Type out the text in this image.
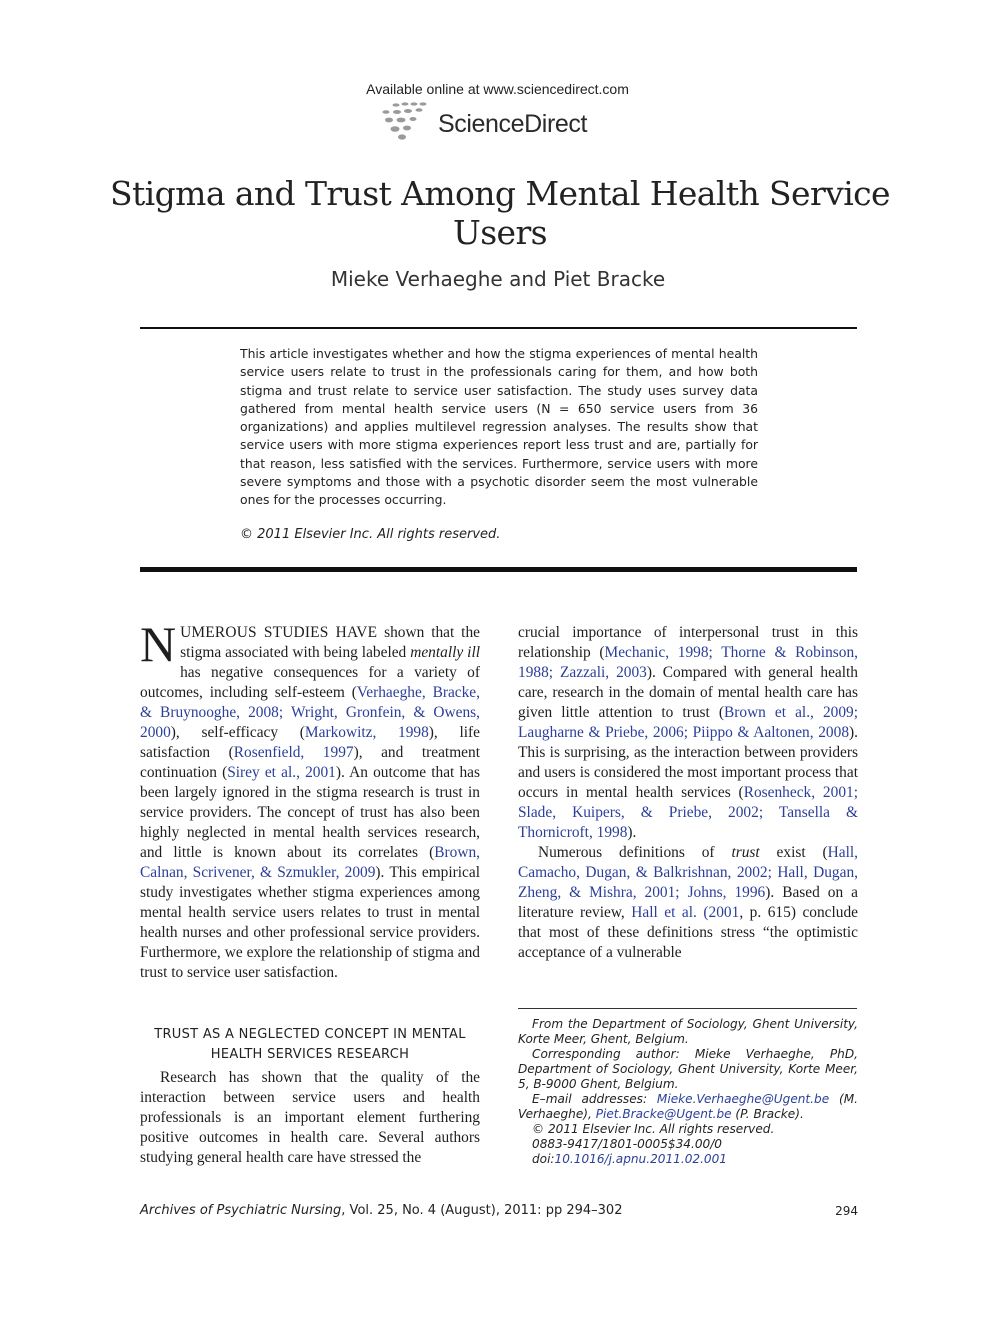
Available online at www.sciencedirect.com
ScienceDirect
Stigma and Trust Among Mental Health Service Users
Mieke Verhaeghe and Piet Bracke
This article investigates whether and how the stigma experiences of mental health service users relate to trust in the professionals caring for them, and how both stigma and trust relate to service user satisfaction. The study uses survey data gathered from mental health service users (N = 650 service users from 36 organizations) and applies multilevel regression analyses. The results show that service users with more stigma experiences report less trust and are, partially for that reason, less satisfied with the services. Furthermore, service users with more severe symptoms and those with a psychotic disorder seem the most vulnerable ones for the processes occurring.
© 2011 Elsevier Inc. All rights reserved.

NUMEROUS STUDIES HAVE shown that the stigma associated with being labeled mentally ill has negative consequences for a variety of outcomes, including self-esteem (Verhaeghe, Bracke, & Bruynooghe, 2008; Wright, Gronfein, & Owens, 2000), self-efficacy (Markowitz, 1998), life satisfaction (Rosenfield, 1997), and treatment continuation (Sirey et al., 2001). An outcome that has been largely ignored in the stigma research is trust in service providers. The concept of trust has also been highly neglected in mental health services research, and little is known about its correlates (Brown, Calnan, Scrivener, & Szmukler, 2009). This empirical study investigates whether stigma experiences among mental health service users relates to trust in mental health nurses and other professional service providers. Furthermore, we explore the relationship of stigma and trust to service user satisfaction.

TRUST AS A NEGLECTED CONCEPT IN MENTAL HEALTH SERVICES RESEARCH

Research has shown that the quality of the interaction between service users and health professionals is an important element furthering positive outcomes in health care. Several authors studying general health care have stressed the

crucial importance of interpersonal trust in this relationship (Mechanic, 1998; Thorne & Robinson, 1988; Zazzali, 2003). Compared with general health care, research in the domain of mental health care has given little attention to trust (Brown et al., 2009; Laugharne & Priebe, 2006; Piippo & Aaltonen, 2008). This is surprising, as the interaction between providers and users is considered the most important process that occurs in mental health services (Rosenheck, 2001; Slade, Kuipers, & Priebe, 2002; Tansella & Thornicroft, 1998).

Numerous definitions of trust exist (Hall, Camacho, Dugan, & Balkrishnan, 2002; Hall, Dugan, Zheng, & Mishra, 2001; Johns, 1996). Based on a literature review, Hall et al. (2001, p. 615) conclude that most of these definitions stress “the optimistic acceptance of a vulnerable

From the Department of Sociology, Ghent University, Korte Meer, Ghent, Belgium.
Corresponding author: Mieke Verhaeghe, PhD, Department of Sociology, Ghent University, Korte Meer, 5, B-9000 Ghent, Belgium.
E–mail addresses: Mieke.Verhaeghe@Ugent.be (M. Verhaeghe), Piet.Bracke@Ugent.be (P. Bracke).
© 2011 Elsevier Inc. All rights reserved.
0883-9417/1801-0005$34.00/0
doi:10.1016/j.apnu.2011.02.001
Archives of Psychiatric Nursing, Vol. 25, No. 4 (August), 2011: pp 294–302	294
